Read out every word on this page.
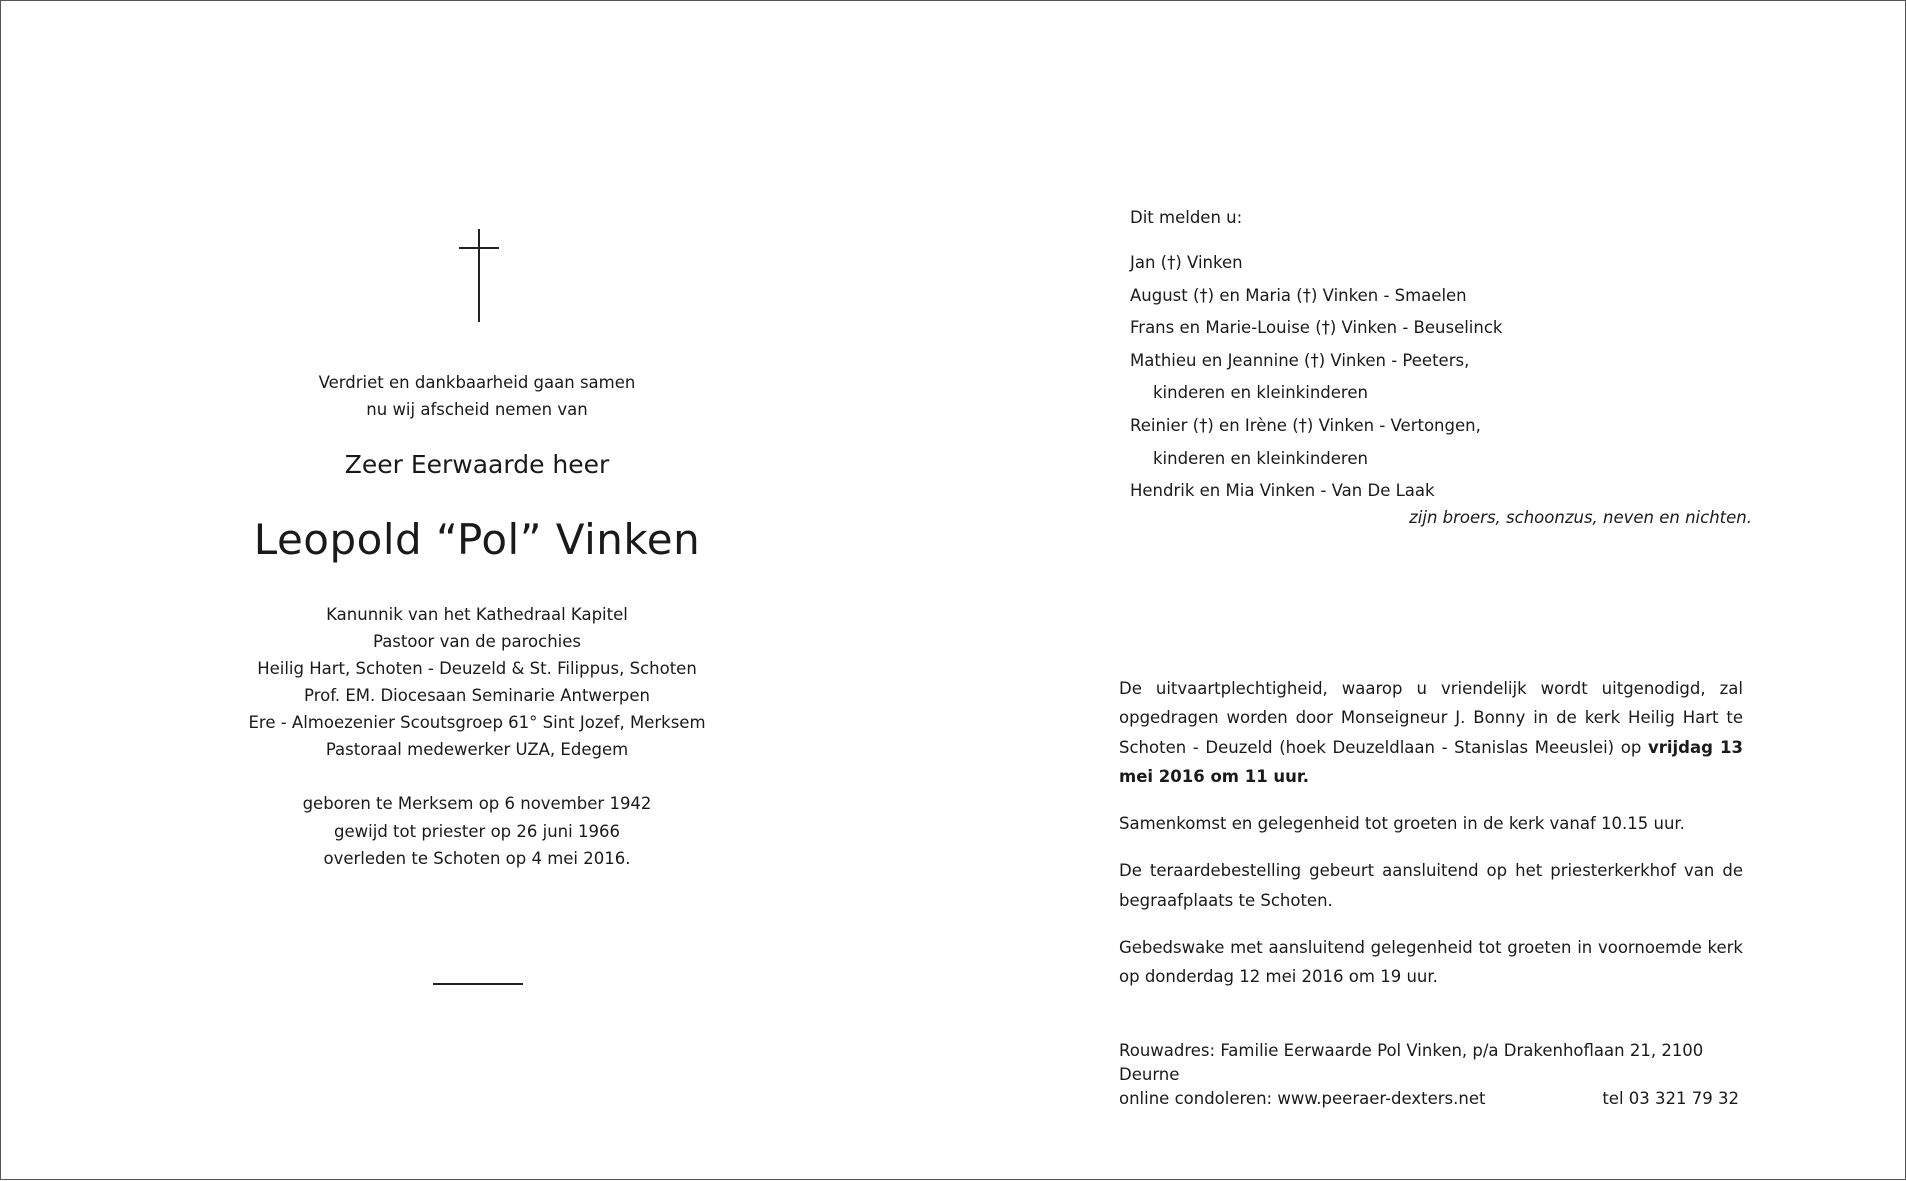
Verdriet en dankbaarheid gaan samen
nu wij afscheid nemen van
Zeer Eerwaarde heer
Leopold “Pol” Vinken
Kanunnik van het Kathedraal Kapitel
Pastoor van de parochies
Heilig Hart, Schoten - Deuzeld & St. Filippus, Schoten
Prof. EM. Diocesaan Seminarie Antwerpen
Ere - Almoezenier Scoutsgroep 61° Sint Jozef, Merksem
Pastoraal medewerker UZA, Edegem
geboren te Merksem op 6 november 1942
gewijd tot priester op 26 juni 1966
overleden te Schoten op 4 mei 2016.
Dit melden u:
Jan (†) Vinken
August (†) en Maria (†) Vinken - Smaelen
Frans en Marie-Louise (†) Vinken - Beuselinck
Mathieu en Jeannine (†) Vinken - Peeters,
kinderen en kleinkinderen
Reinier (†) en Irène (†) Vinken - Vertongen,
kinderen en kleinkinderen
Hendrik en Mia Vinken - Van De Laak
zijn broers, schoonzus, neven en nichten.

De uitvaartplechtigheid, waarop u vriendelijk wordt uitgenodigd, zal opgedragen worden door Monseigneur J. Bonny in de kerk Heilig Hart te Schoten - Deuzeld (hoek Deuzeldlaan - Stanislas Meeuslei) op vrijdag 13 mei 2016 om 11 uur.

Samenkomst en gelegenheid tot groeten in de kerk vanaf 10.15 uur.

De teraardebestelling gebeurt aansluitend op het priesterkerkhof van de begraafplaats te Schoten.

Gebedswake met aansluitend gelegenheid tot groeten in voornoemde kerk op donderdag 12 mei 2016 om 19 uur.

Rouwadres: Familie Eerwaarde Pol Vinken, p/a Drakenhoflaan 21, 2100 Deurne
online condoleren: www.peeraer-dexters.net	tel 03 321 79 32
